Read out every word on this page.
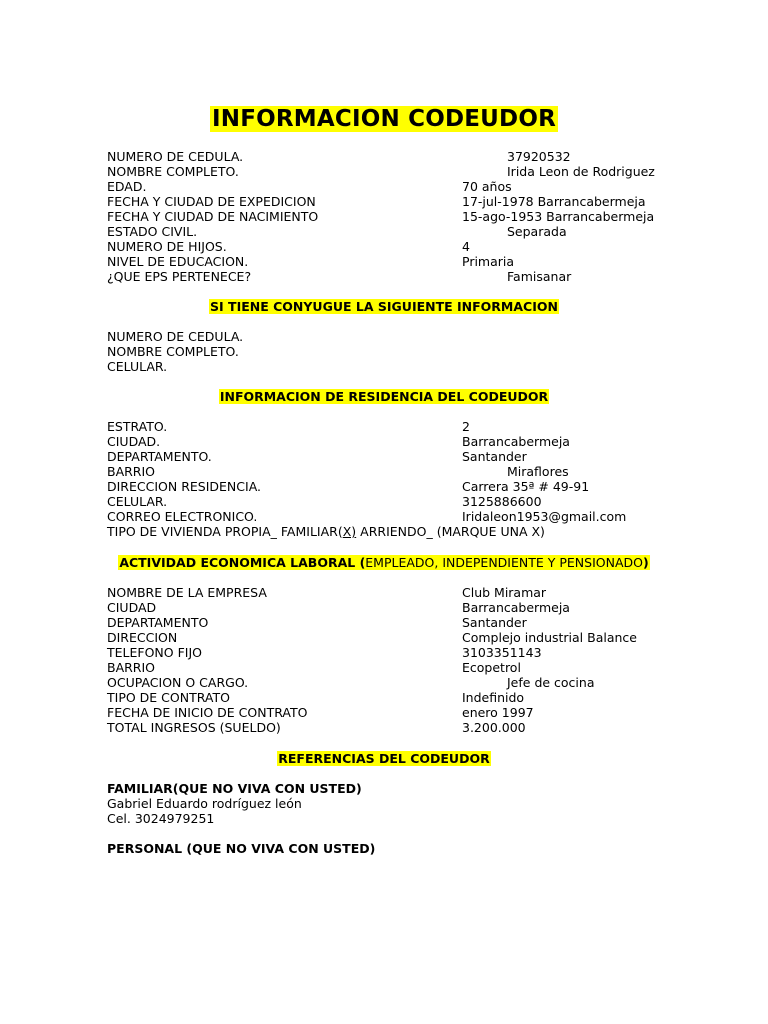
INFORMACION CODEUDOR
NUMERO DE CEDULA.	37920532
NOMBRE COMPLETO.	Irida Leon de Rodriguez
EDAD.	70 años
FECHA Y CIUDAD DE EXPEDICION	17-jul-1978 Barrancabermeja
FECHA Y CIUDAD DE NACIMIENTO	15-ago-1953 Barrancabermeja
ESTADO CIVIL.	Separada
NUMERO DE HIJOS.	4
NIVEL DE EDUCACION.	Primaria
¿QUE EPS PERTENECE?	Famisanar
SI TIENE CONYUGUE LA SIGUIENTE INFORMACION
NUMERO DE CEDULA.
NOMBRE COMPLETO.
CELULAR.
INFORMACION DE RESIDENCIA DEL CODEUDOR
ESTRATO.	2
CIUDAD.	Barrancabermeja
DEPARTAMENTO.	Santander
BARRIO	Miraflores
DIRECCION RESIDENCIA.	Carrera 35ª # 49-91
CELULAR.	3125886600
CORREO ELECTRONICO.	Iridaleon1953@gmail.com
TIPO DE VIVIENDA PROPIA_ FAMILIAR(X) ARRIENDO_ (MARQUE UNA X)
ACTIVIDAD ECONOMICA LABORAL (EMPLEADO, INDEPENDIENTE Y PENSIONADO)
NOMBRE DE LA EMPRESA	Club Miramar
CIUDAD	Barrancabermeja
DEPARTAMENTO	Santander
DIRECCION	Complejo industrial Balance
TELEFONO FIJO	3103351143
BARRIO	Ecopetrol
OCUPACION O CARGO.	Jefe de cocina
TIPO DE CONTRATO	Indefinido
FECHA DE INICIO DE CONTRATO	enero 1997
TOTAL INGRESOS (SUELDO)	3.200.000
REFERENCIAS DEL CODEUDOR
FAMILIAR(QUE NO VIVA CON USTED)
Gabriel Eduardo rodríguez león
Cel. 3024979251
PERSONAL (QUE NO VIVA CON USTED)
